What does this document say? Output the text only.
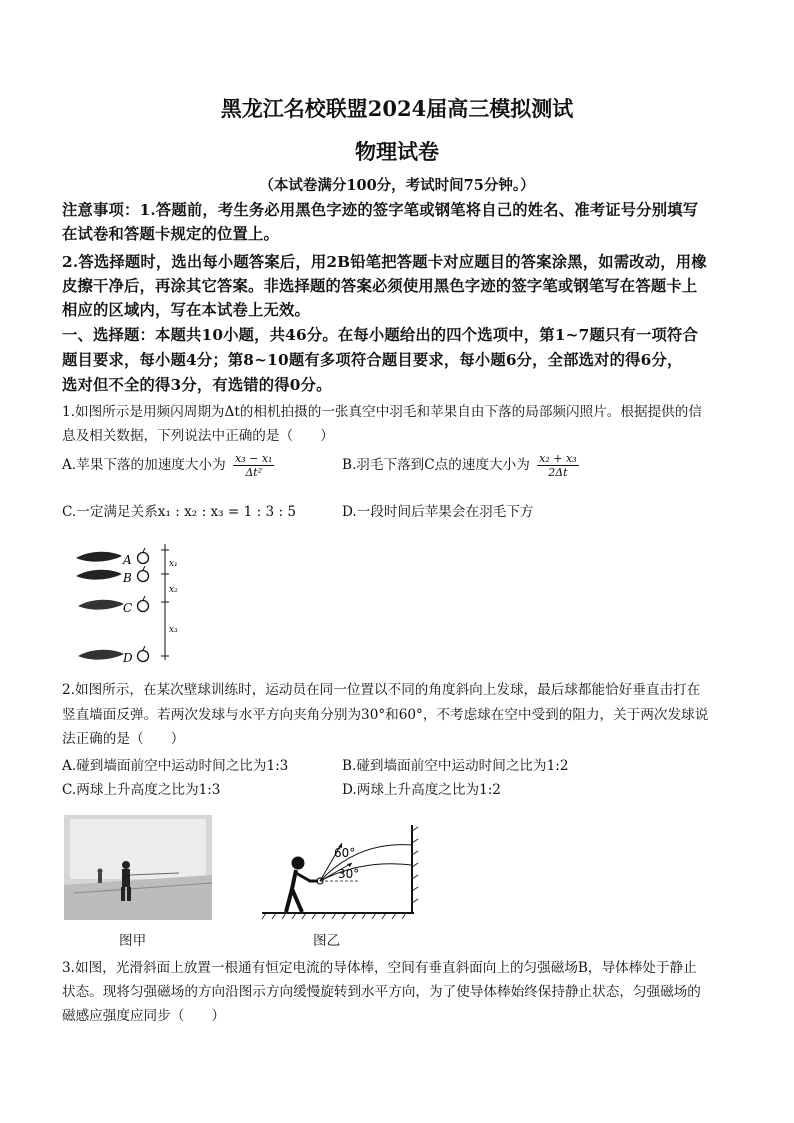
黑龙江名校联盟2024届高三模拟测试
物理试卷
（本试卷满分100分，考试时间75分钟。）
注意事项：1.答题前，考生务必用黑色字迹的签字笔或钢笔将自己的姓名、准考证号分别填写
在试卷和答题卡规定的位置上。
2.答选择题时，选出每小题答案后，用2B铅笔把答题卡对应题目的答案涂黑，如需改动，用橡
皮擦干净后，再涂其它答案。非选择题的答案必须使用黑色字迹的签字笔或钢笔写在答题卡上
相应的区域内，写在本试卷上无效。
一、选择题：本题共10小题，共46分。在每小题给出的四个选项中，第1~7题只有一项符合
题目要求，每小题4分；第8~10题有多项符合题目要求，每小题6分，全部选对的得6分，
选对但不全的得3分，有选错的得0分。
1.如图所示是用频闪周期为Δt的相机拍摄的一张真空中羽毛和苹果自由下落的局部频闪照片。根据提供的信
息及相关数据，下列说法中正确的是（　　）
A.苹果下落的加速度大小为 $\frac{\text{x₃ − x₁}}{\text{Δt²}}$	B.羽毛下落到C点的速度大小为 $\frac{\text{x₂ + x₃}}{2\Delta t}$
C.一定满足关系x₁ : x₂ : x₃ = 1 : 3 : 5	D.一段时间后苹果会在羽毛下方
A
B
C
D
x₁
x₂
x₃
2.如图所示，在某次壁球训练时，运动员在同一位置以不同的角度斜向上发球，最后球都能恰好垂直击打在
竖直墙面反弹。若两次发球与水平方向夹角分别为30°和60°，不考虑球在空中受到的阻力，关于两次发球说
法正确的是（　　）
A.碰到墙面前空中运动时间之比为1:3	B.碰到墙面前空中运动时间之比为1:2
C.两球上升高度之比为1:3	D.两球上升高度之比为1:2
60°
30°
图甲	图乙
3.如图，光滑斜面上放置一根通有恒定电流的导体棒，空间有垂直斜面向上的匀强磁场B，导体棒处于静止
状态。现将匀强磁场的方向沿图示方向缓慢旋转到水平方向，为了使导体棒始终保持静止状态，匀强磁场的
磁感应强度应同步（　　）
